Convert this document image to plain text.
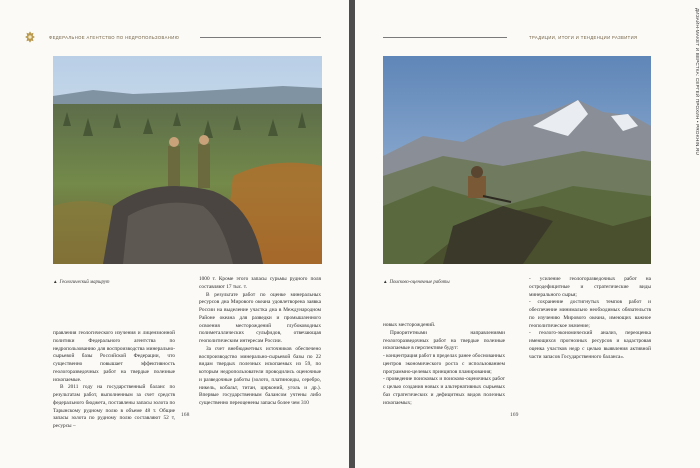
ФЕДЕРАЛЬНОЕ АГЕНТСТВО ПО НЕДРОПОЛЬЗОВАНИЮ
▲ Геологический маршрут

правления геологического изучения и лицензионной политики Федерального агентства по недропользованию для воспроизводства минерально-сырьевой базы Российской Федерации, что существенно повышает эффективность геологоразведочных работ на твердые полезные ископаемые.

В 2011 году на государственный баланс по результатам работ, выполненным за счет средств федерального бюджета, поставлены запасы золота по Тарынскому рудному полю в объеме 48 т. Общие запасы золота по рудному полю составляют 52 т, ресурсы –

1000 т. Кроме этого запасы сурьмы рудного поля составляют 17 тыс. т.

В результате работ по оценке минеральных ресурсов дна Мирового океана удовлетворена заявка России на выделение участка дна в Международном Районе океана для разведки и промышленного освоения месторождений глубоководных полиметаллических сульфидов, отвечающая геополитическим интересам России.

За счет внебюджетных источников обеспечено воспроизводство минерально-сырьевой базы по 22 видам твердых полезных ископаемых из 59, по которым недропользователи проводились оценочные и разведочные работы (золото, платиноиды, серебро, никель, кобальт, титан, цирконий, уголь и др.). Впервые государственным балансом учтены либо существенно переоценены запасы более чем 310

168
ТРАДИЦИИ, ИТОГИ И ТЕНДЕНЦИИ РАЗВИТИЯ
▲ Поисково-оценочные работы

новых месторождений.

Приоритетными направлениями геологоразведочных работ на твердые полезные ископаемые в перспективе будут:

- концентрация работ в пределах ранее обоснованных центров экономического роста с использованием программно-целевых принципов планирования;

- проведение поисковых и поисково-оценочных работ с целью создания новых и альтернативных сырьевых баз стратегических и дефицитных видов полезных ископаемых;

- усиление геологоразведочных работ на остродефицитные и стратегические виды минерального сырья;

- сохранение достигнутых темпов работ и обеспечение минимально необходимых обязательств по изучению Мирового океана, имеющих важное геополитическое значение;

- геолого-экономический анализ, переоценка имеющихся прогнозных ресурсов и кадастровая оценка участков недр с целью выявления активной части запасов Государственного баланса».

169
ДИЗАЙН-МАКЕТ И ВЕРСТКА: СЕРГЕЙ ПРОХИН • PROKHIN.RU
